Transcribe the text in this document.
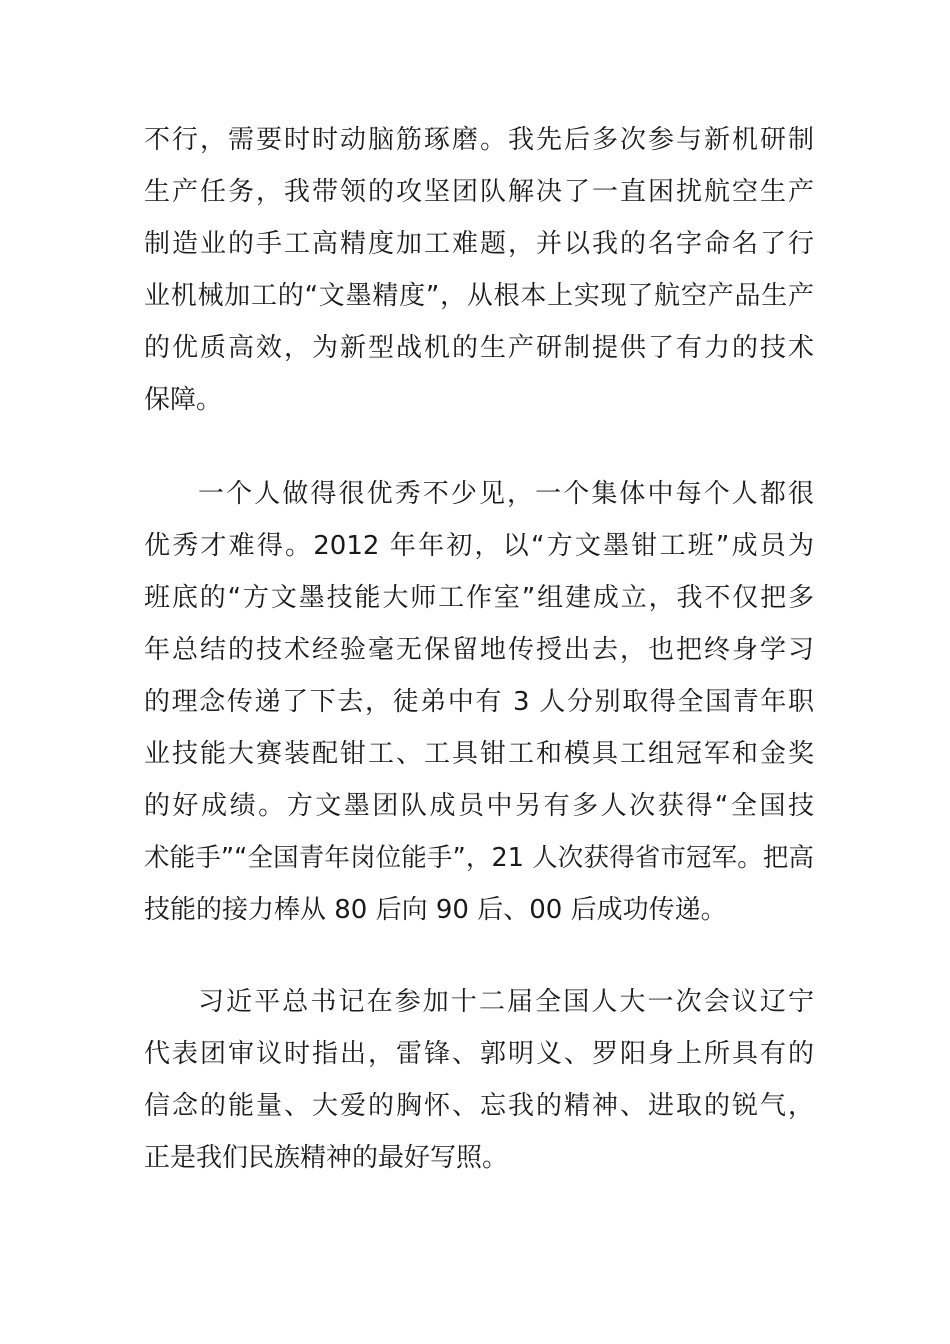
不行，需要时时动脑筋琢磨。我先后多次参与新机研制
生产任务，我带领的攻坚团队解决了一直困扰航空生产
制造业的手工高精度加工难题，并以我的名字命名了行
业机械加工的“文墨精度”，从根本上实现了航空产品生产
的优质高效，为新型战机的生产研制提供了有力的技术
保障。
一个人做得很优秀不少见，一个集体中每个人都很
优秀才难得。2012 年年初，以“方文墨钳工班”成员为
班底的“方文墨技能大师工作室”组建成立，我不仅把多
年总结的技术经验毫无保留地传授出去，也把终身学习
的理念传递了下去，徒弟中有 3 人分别取得全国青年职
业技能大赛装配钳工、工具钳工和模具工组冠军和金奖
的好成绩。方文墨团队成员中另有多人次获得“全国技
术能手”“全国青年岗位能手”，21 人次获得省市冠军。把高
技能的接力棒从 80 后向 90 后、00 后成功传递。
习近平总书记在参加十二届全国人大一次会议辽宁
代表团审议时指出，雷锋、郭明义、罗阳身上所具有的
信念的能量、大爱的胸怀、忘我的精神、进取的锐气，
正是我们民族精神的最好写照。
